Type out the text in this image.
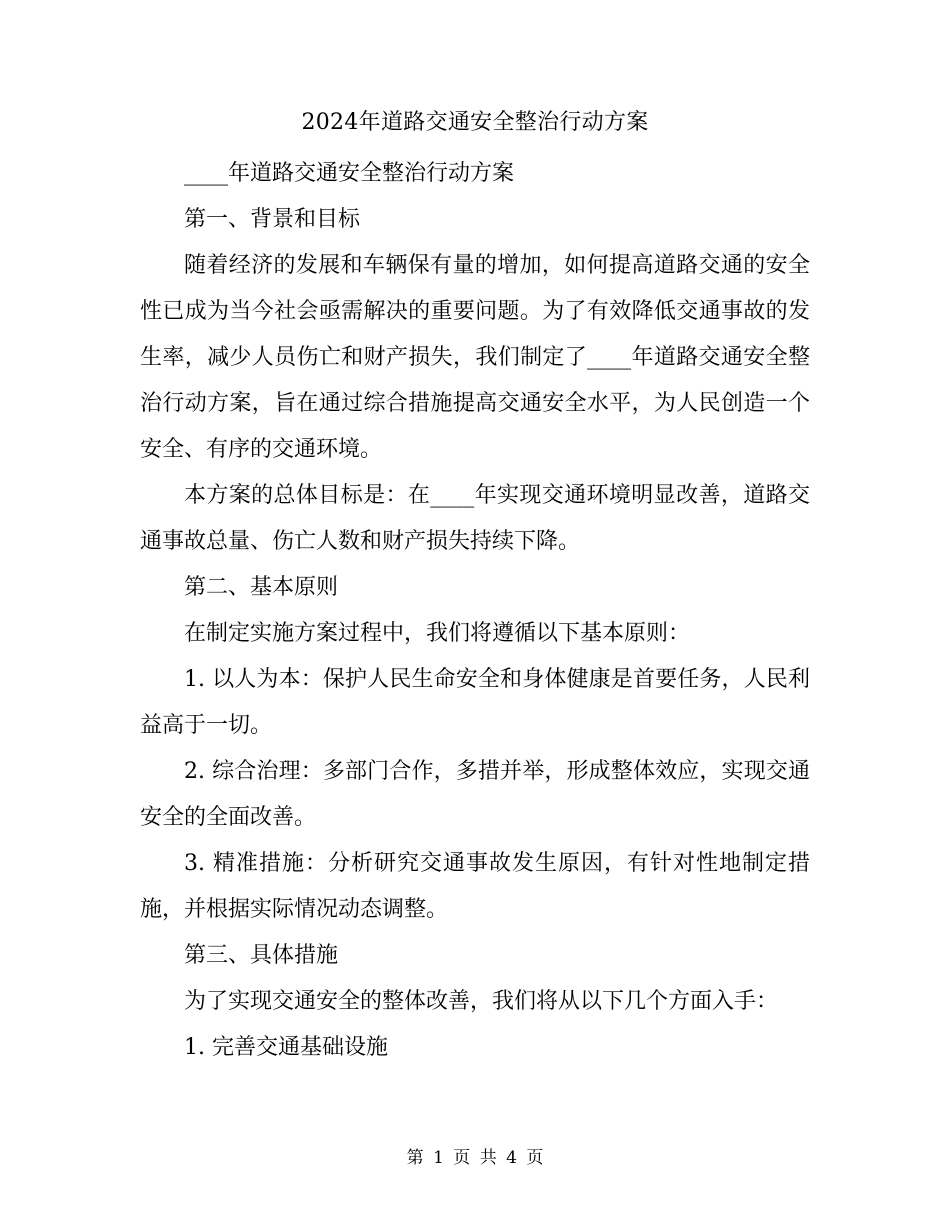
2024年道路交通安全整治行动方案

____年道路交通安全整治行动方案

第一、背景和目标

随着经济的发展和车辆保有量的增加，如何提高道路交通的安全性已成为当今社会亟需解决的重要问题。为了有效降低交通事故的发生率，减少人员伤亡和财产损失，我们制定了____年道路交通安全整治行动方案，旨在通过综合措施提高交通安全水平，为人民创造一个安全、有序的交通环境。

本方案的总体目标是：在____年实现交通环境明显改善，道路交通事故总量、伤亡人数和财产损失持续下降。

第二、基本原则

在制定实施方案过程中，我们将遵循以下基本原则：

1. 以人为本：保护人民生命安全和身体健康是首要任务，人民利益高于一切。

2. 综合治理：多部门合作，多措并举，形成整体效应，实现交通安全的全面改善。

3. 精准措施：分析研究交通事故发生原因，有针对性地制定措施，并根据实际情况动态调整。

第三、具体措施

为了实现交通安全的整体改善，我们将从以下几个方面入手：

1. 完善交通基础设施

第 1 页 共 4 页
